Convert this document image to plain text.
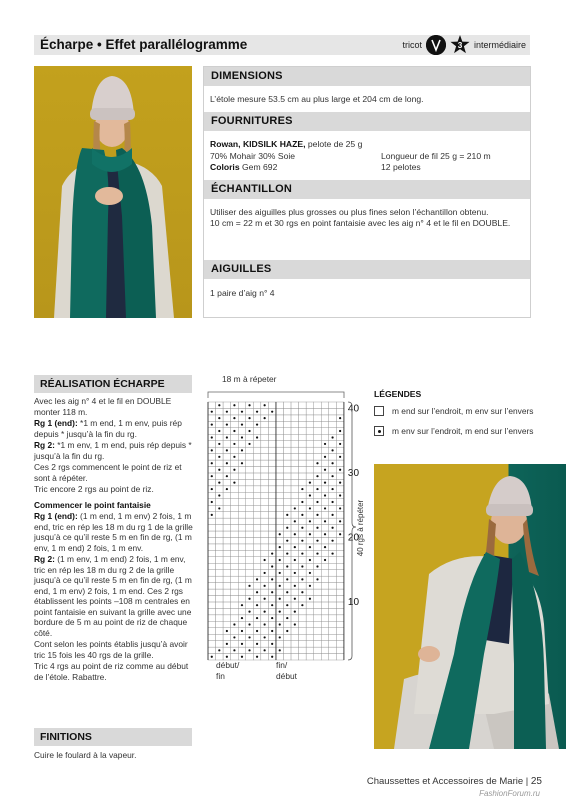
Écharpe • Effet parallélogramme	tricot	3 intermédiaire
DIMENSIONS
L’étole mesure 53.5 cm au plus large et 204 cm de long.
FOURNITURES
Rowan, KIDSILK HAZE, pelote de 25 g
70% Mohair 30% Soie
Coloris Gem 692
Longueur de fil 25 g = 210 m
12 pelotes
ÉCHANTILLON
Utiliser des aiguilles plus grosses ou plus fines selon l’échantillon obtenu.
10 cm = 22 m et 30 rgs en point fantaisie avec les aig n° 4 et le fil en DOUBLE.
AIGUILLES
1 paire d’aig n° 4
RÉALISATION ÉCHARPE

Avec les aig n° 4 et le fil en DOUBLE monter 118 m.

Rg 1 (end): *1 m end, 1 m env, puis rép depuis * jusqu’à la fin du rg.

Rg 2: *1 m env, 1 m end, puis rép depuis * jusqu’à la fin du rg.

Ces 2 rgs commencent le point de riz et sont à répéter.

Tric encore 2 rgs au point de riz.

Commencer le point fantaisie

Rg 1 (end): (1 m end, 1 m env) 2 fois, 1 m end, tric en rép les 18 m du rg 1 de la grille jusqu’à ce qu’il reste 5 m en fin de rg, (1 m env, 1 m end) 2 fois, 1 m env.

Rg 2: (1 m env, 1 m end) 2 fois, 1 m env, tric en rép les 18 m du rg 2 de la grille jusqu’à ce qu’il reste 5 m en fin de rg, (1 m end, 1 m env) 2 fois, 1 m end. Ces 2 rgs établissent les points –108 m centrales en point fantaisie en suivant la grille avec une bordure de 5 m au point de riz de chaque côté.

Cont selon les points établis jusqu’à avoir tric 15 fois les 40 rgs de la grille.

Tric 4 rgs au point de riz comme au début de l’étole. Rabattre.

FINITIONS
Cuire le foulard à la vapeur.
18 m à répeter
40
30
20
10
40 rgs à répéter
début/
fin
fin/
début
LÉGENDES
m end sur l’endroit, m env sur l’envers
m env sur l’endroit, m end sur l’envers
Chaussettes et Accessoires de Marie | 25
FashionForum.ru
